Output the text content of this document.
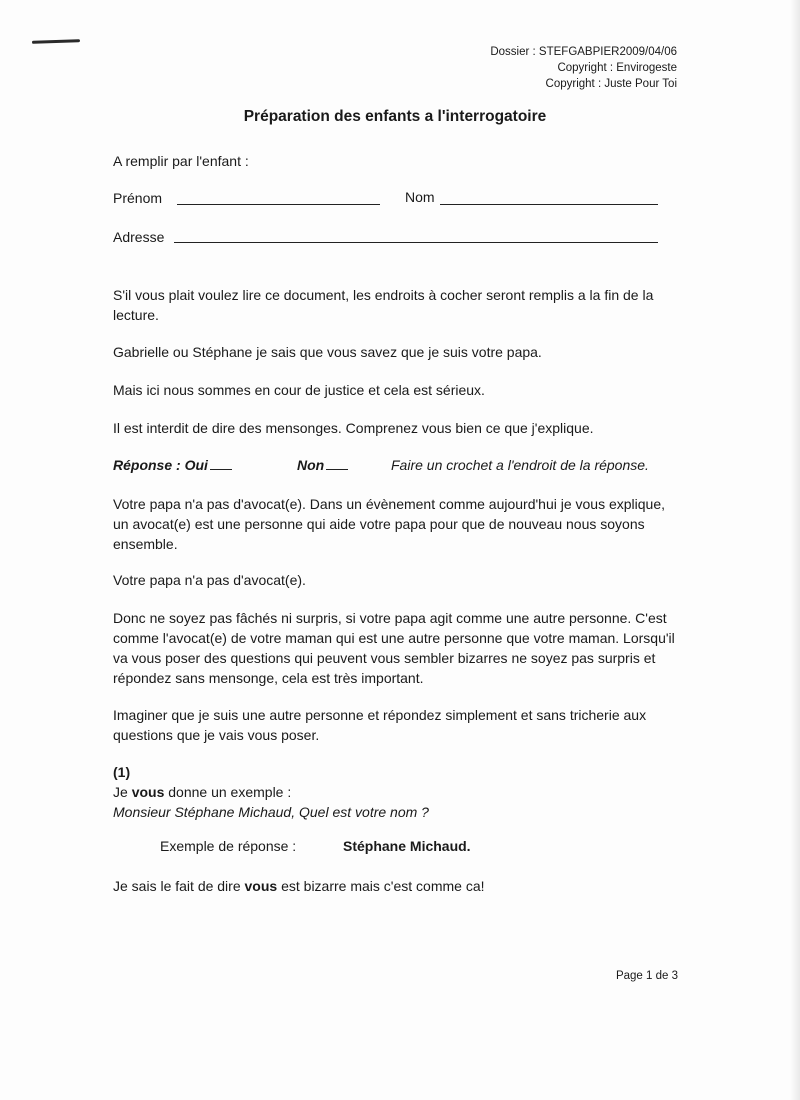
Dossier : STEFGABPIER2009/04/06
Copyright : Envirogeste
Copyright : Juste Pour Toi
Préparation des enfants a l'interrogatoire
A remplir par l'enfant :
Prénom	Nom
Adresse

S'il vous plait voulez lire ce document, les endroits à cocher seront remplis a la fin de la lecture.

Gabrielle ou Stéphane je sais que vous savez que je suis votre papa.

Mais ici nous sommes en cour de justice et cela est sérieux.

Il est interdit de dire des mensonges. Comprenez vous bien ce que j'explique.

Réponse : Oui	Non	Faire un crochet a l'endroit de la réponse.

Votre papa n'a pas d'avocat(e). Dans un évènement comme aujourd'hui je vous explique, un avocat(e) est une personne qui aide votre papa pour que de nouveau nous soyons ensemble.

Votre papa n'a pas d'avocat(e).

Donc ne soyez pas fâchés ni surpris, si votre papa agit comme une autre personne. C'est comme l'avocat(e) de votre maman qui est une autre personne que votre maman. Lorsqu'il va vous poser des questions qui peuvent vous sembler bizarres ne soyez pas surpris et répondez sans mensonge, cela est très important.

Imaginer que je suis une autre personne et répondez simplement et sans tricherie aux questions que je vais vous poser.

(1)
Je vous donne un exemple :
Monsieur Stéphane Michaud, Quel est votre nom ?
Exemple de réponse :	Stéphane Michaud.
Je sais le fait de dire vous est bizarre mais c'est comme ca!
Page 1 de 3
